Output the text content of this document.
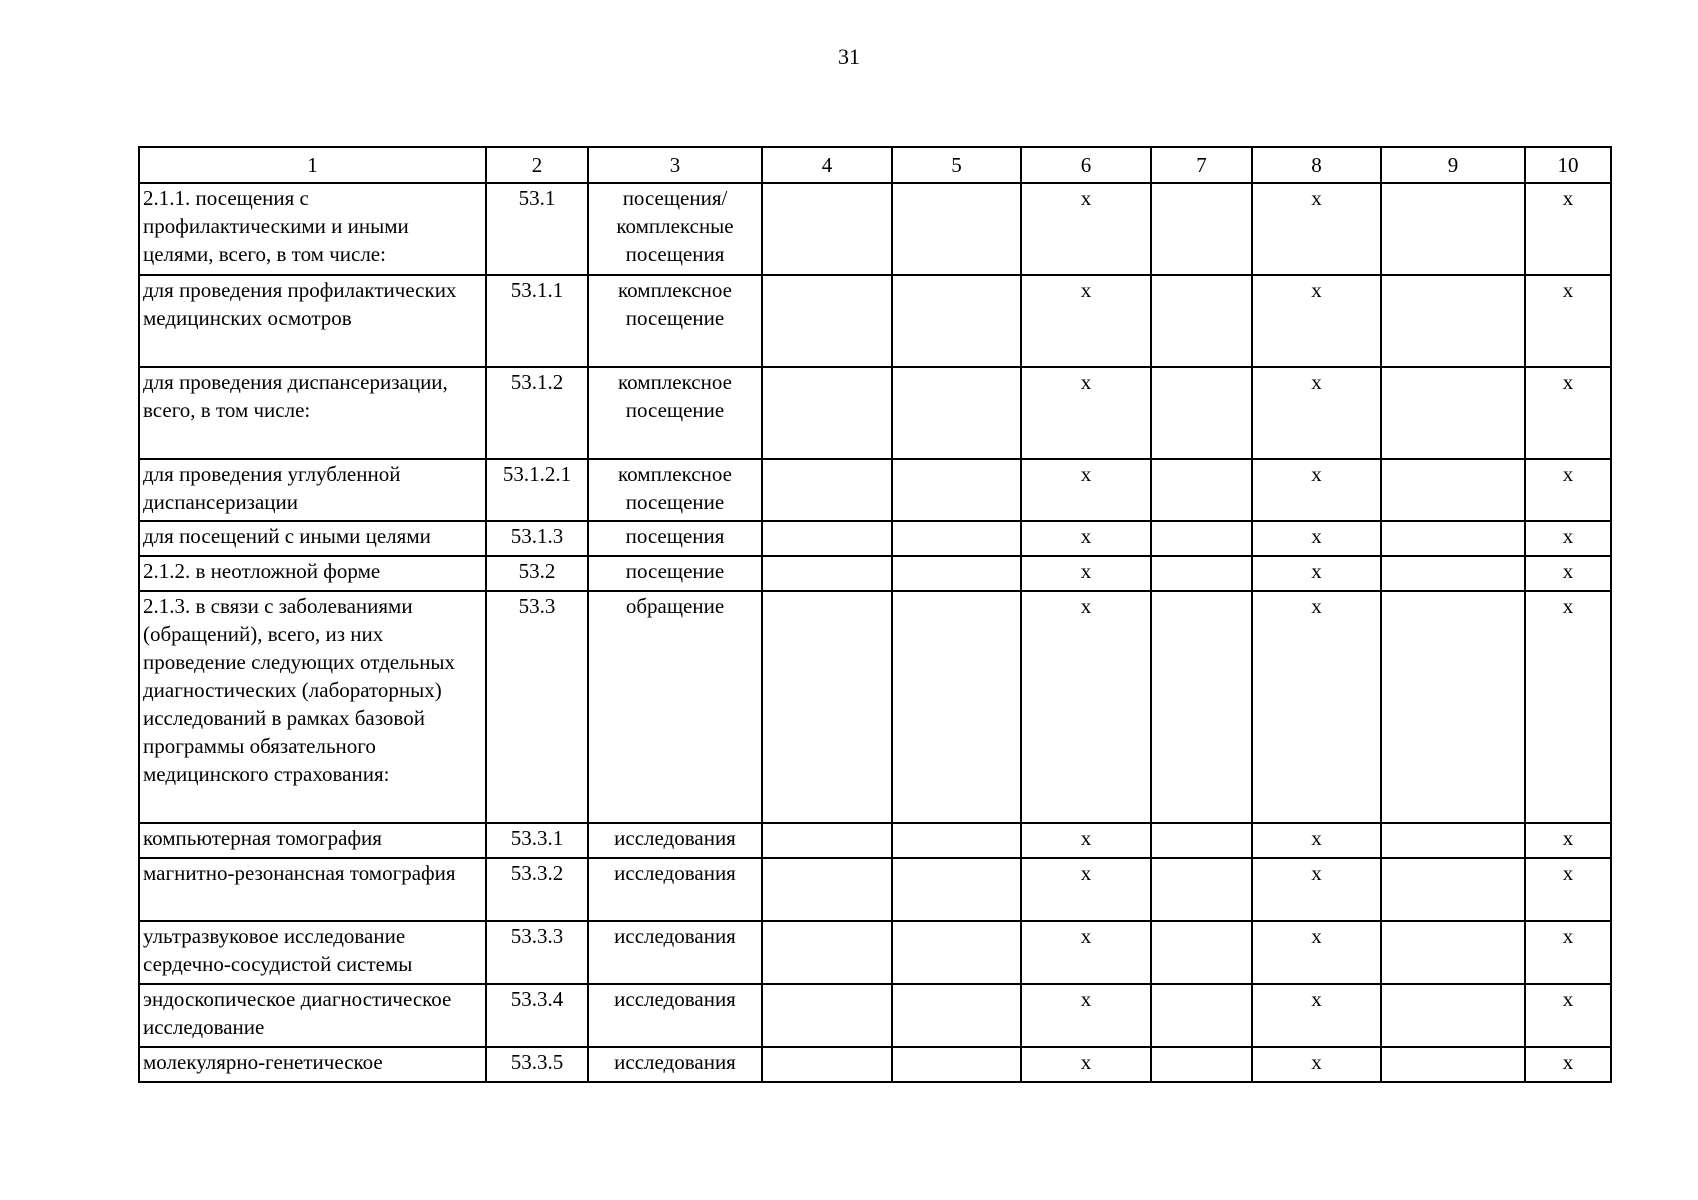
31
1	2	3	4	5	6	7	8	9	10
2.1.1. посещения с профилактическими и иными целями, всего, в том числе:	53.1	посещения/ комплексные посещения			х		х		х
для проведения профилактических медицинских осмотров	53.1.1	комплексное посещение			х		х		х
для проведения диспансеризации, всего, в том числе:	53.1.2	комплексное посещение			х		х		х
для проведения углубленной диспансеризации	53.1.2.1	комплексное посещение			х		х		х
для посещений с иными целями	53.1.3	посещения			х		х		х
2.1.2. в неотложной форме	53.2	посещение			х		х		х
2.1.3. в связи с заболеваниями (обращений), всего, из них проведение следующих отдельных диагностических (лабораторных) исследований в рамках базовой программы обязательного медицинского страхования:	53.3	обращение			х		х		х
компьютерная томография	53.3.1	исследования			х		х		х
магнитно-резонансная томография	53.3.2	исследования			х		х		х
ультразвуковое исследование сердечно-сосудистой системы	53.3.3	исследования			х		х		х
эндоскопическое диагностическое исследование	53.3.4	исследования			х		х		х
молекулярно-генетическое	53.3.5	исследования			х		х		х
